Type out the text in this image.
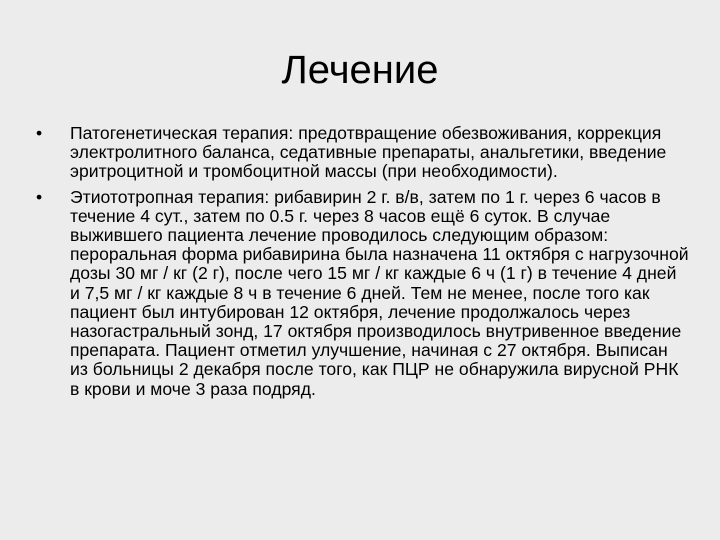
Лечение
• Патогенетическая терапия: предотвращение обезвоживания, коррекция электролитного баланса, седативные препараты, анальгетики, введение эритроцитной и тромбоцитной массы (при необходимости).
• Этиототропная терапия: рибавирин 2 г. в/в, затем по 1 г. через 6 часов в течение 4 сут., затем по 0.5 г. через 8 часов ещё 6 суток. В случае выжившего пациента лечение проводилось следующим образом: пероральная форма рибавирина была назначена 11 октября с нагрузочной дозы 30 мг / кг (2 г), после чего 15 мг / кг каждые 6 ч (1 г) в течение 4 дней и 7,5 мг / кг каждые 8 ч в течение 6 дней. Тем не менее, после того как пациент был интубирован 12 октября, лечение продолжалось через назогастральный зонд, 17 октября производилось внутривенное введение препарата. Пациент отметил улучшение, начиная с 27 октября. Выписан из больницы 2 декабря после того, как ПЦР не обнаружила вирусной РНК в крови и моче 3 раза подряд.
